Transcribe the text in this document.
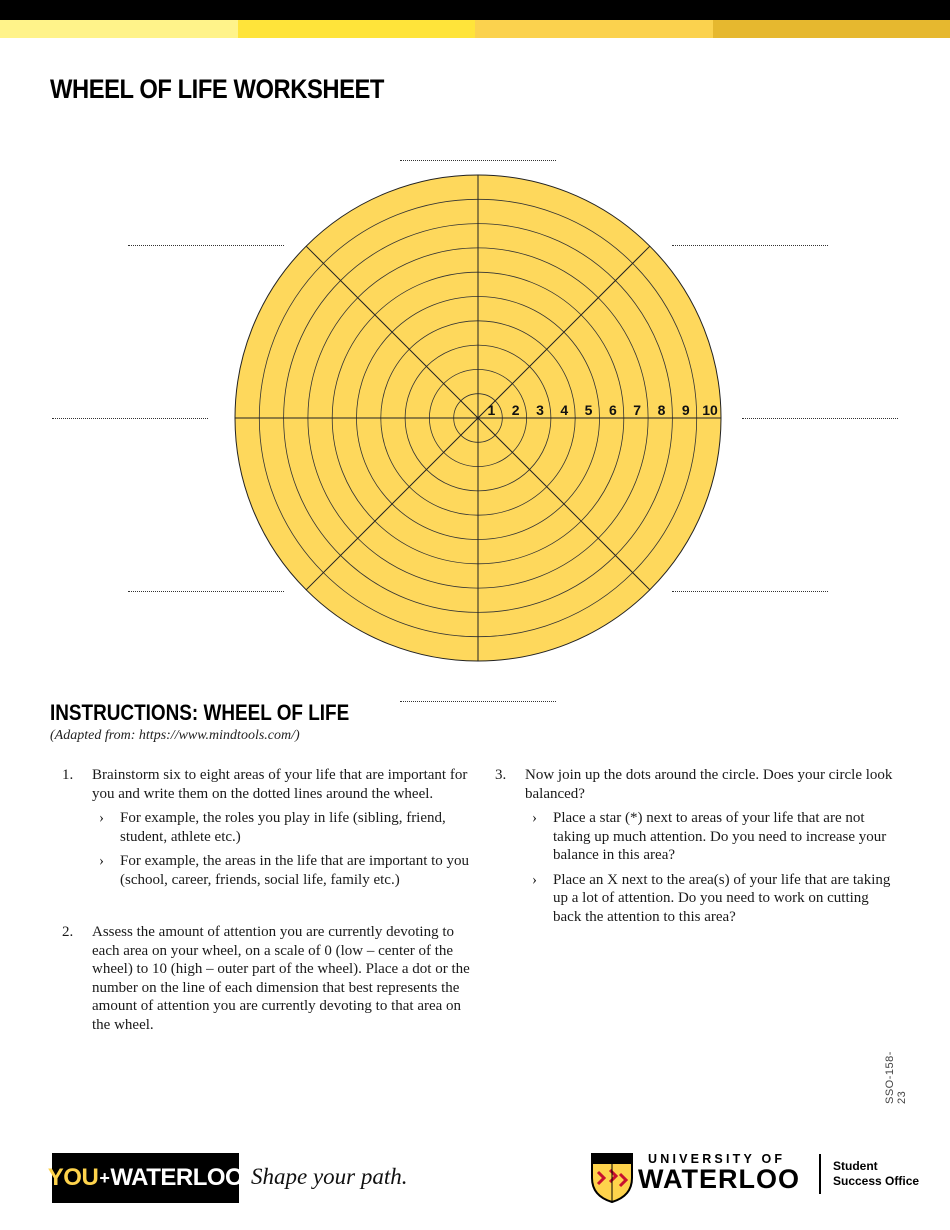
WHEEL OF LIFE WORKSHEET
1 2 3 4 5 6 7 8 9 10
INSTRUCTIONS: WHEEL OF LIFE
(Adapted from: https://www.mindtools.com/)
1. Brainstorm six to eight areas of your life that are important for you and write them on the dotted lines around the wheel.
› For example, the roles you play in life (sibling, friend, student, athlete etc.)
› For example, the areas in the life that are important to you (school, career, friends, social life, family etc.)
2. Assess the amount of attention you are currently devoting to each area on your wheel, on a scale of 0 (low – center of the wheel) to 10 (high – outer part of the wheel). Place a dot or the number on the line of each dimension that best represents the amount of attention you are currently devoting to that area on the wheel.
3. Now join up the dots around the circle. Does your circle look balanced?
› Place a star (*) next to areas of your life that are not taking up much attention. Do you need to increase your balance in this area?
› Place an X next to the area(s) of your life that are taking up a lot of attention. Do you need to work on cutting back the attention to this area?
SSO-158-23
YOU + WATERLOO Shape your path.
UNIVERSITY OF
WATERLOO	Student
Success Office
